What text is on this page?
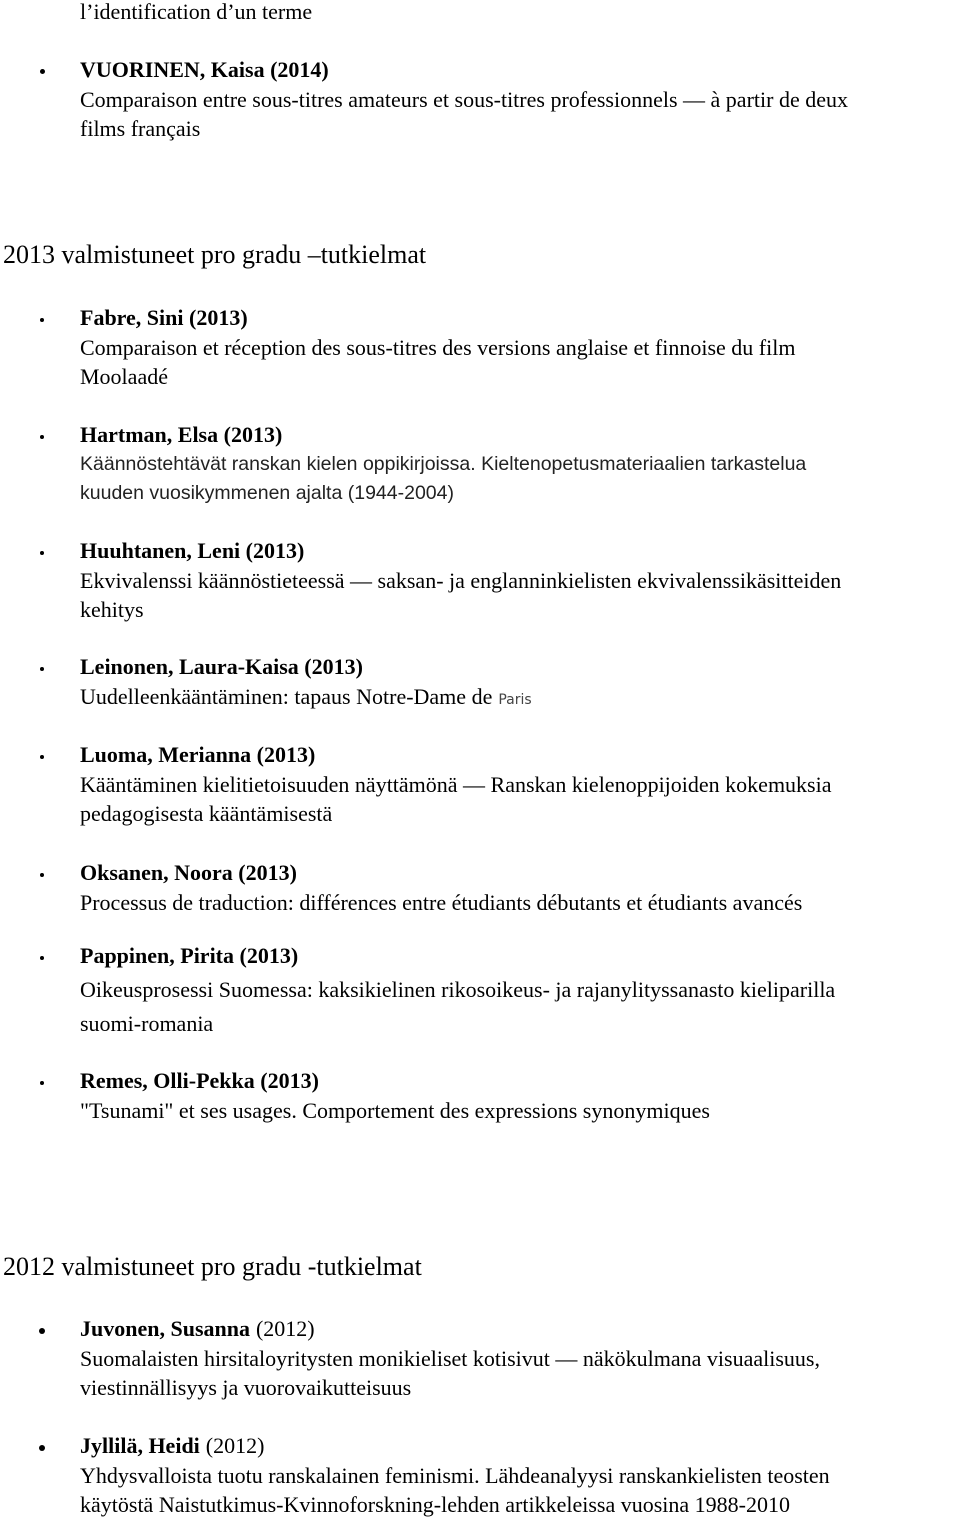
l’identification d’un terme
VUORINEN, Kaisa (2014)
Comparaison entre sous-titres amateurs et sous-titres professionnels — à partir de deux
films français
2013 valmistuneet pro gradu –tutkielmat
Fabre, Sini (2013)
Comparaison et réception des sous-titres des versions anglaise et finnoise du film
Moolaadé
Hartman, Elsa (2013)
Käännöstehtävät ranskan kielen oppikirjoissa. Kieltenopetusmateriaalien tarkastelua
kuuden vuosikymmenen ajalta (1944-2004)
Huuhtanen, Leni (2013)
Ekvivalenssi käännöstieteessä — saksan- ja englanninkielisten ekvivalenssikäsitteiden
kehitys
Leinonen, Laura-Kaisa (2013)
Uudelleenkääntäminen: tapaus Notre-Dame de Paris
Luoma, Merianna (2013)
Kääntäminen kielitietoisuuden näyttämönä — Ranskan kielenoppijoiden kokemuksia
pedagogisesta kääntämisestä
Oksanen, Noora (2013)
Processus de traduction: différences entre étudiants débutants et étudiants avancés
Pappinen, Pirita (2013)
Oikeusprosessi Suomessa: kaksikielinen rikosoikeus- ja rajanylityssanasto kieliparilla
suomi-romania
Remes, Olli-Pekka (2013)
"Tsunami" et ses usages. Comportement des expressions synonymiques
2012 valmistuneet pro gradu -tutkielmat
Juvonen, Susanna (2012)
Suomalaisten hirsitaloyritysten monikieliset kotisivut — näkökulmana visuaalisuus,
viestinnällisyys ja vuorovaikutteisuus
Jyllilä, Heidi (2012)
Yhdysvalloista tuotu ranskalainen feminismi. Lähdeanalyysi ranskankielisten teosten
käytöstä Naistutkimus-Kvinnoforskning-lehden artikkeleissa vuosina 1988-2010
